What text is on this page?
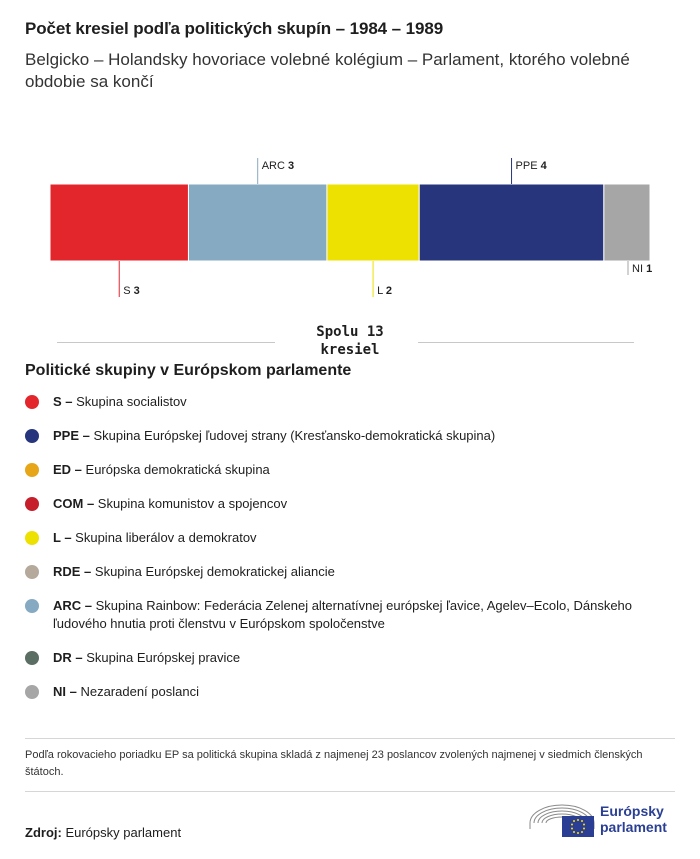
Počet kresiel podľa politických skupín – 1984 – 1989

Belgicko – Holandsky hovoriace volebné kolégium – Parlament, ktorého volebné obdobie sa končí

S 3
ARC 3
L 2
PPE 4
NI 1
Spolu 13
kresiel
Politické skupiny v Európskom parlamente
S – Skupina socialistov
PPE – Skupina Európskej ľudovej strany (Kresťansko-demokratická skupina)
ED – Európska demokratická skupina
COM – Skupina komunistov a spojencov
L – Skupina liberálov a demokratov
RDE – Skupina Európskej demokratickej aliancie
ARC – Skupina Rainbow: Federácia Zelenej alternatívnej európskej ľavice, Agelev–Ecolo, Dánskeho ľudového hnutia proti členstvu v Európskom spoločenstve
DR – Skupina Európskej pravice
NI – Nezaradení poslanci

Podľa rokovacieho poriadku EP sa politická skupina skladá z najmenej 23 poslancov zvolených najmenej v siedmich členských štátoch.

Zdroj: Európsky parlament
Európsky
parlament
